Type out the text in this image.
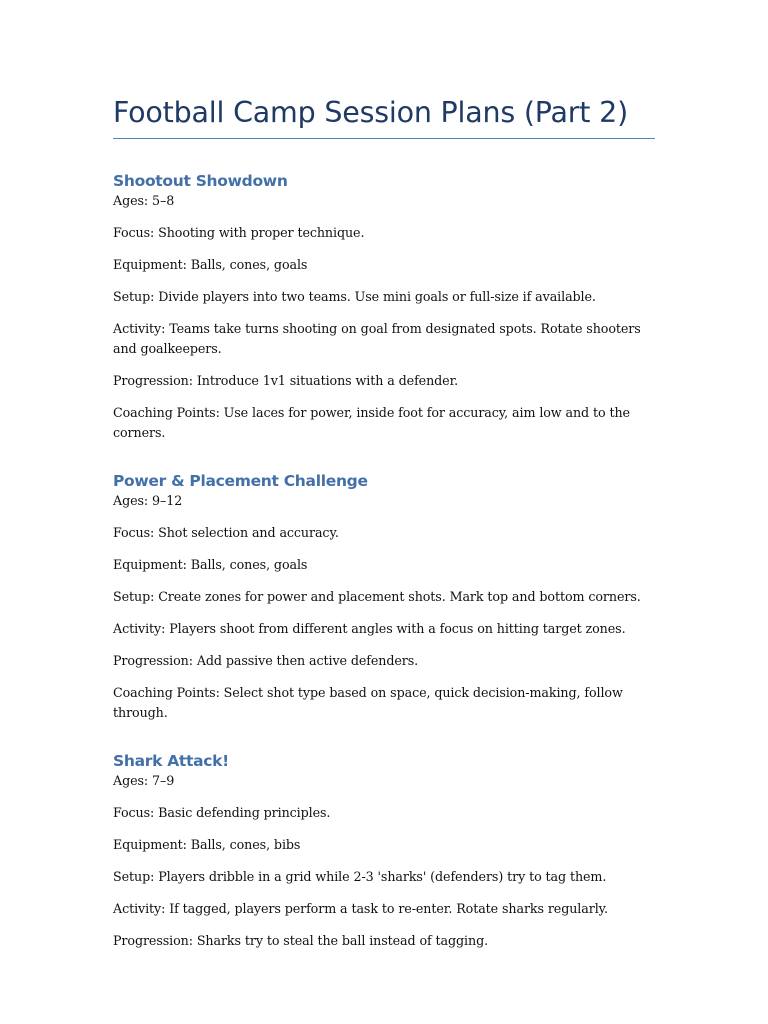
Football Camp Session Plans (Part 2)
Shootout Showdown

Ages: 5–8

Focus: Shooting with proper technique.

Equipment: Balls, cones, goals

Setup: Divide players into two teams. Use mini goals or full-size if available.

Activity: Teams take turns shooting on goal from designated spots. Rotate shooters and goalkeepers.

Progression: Introduce 1v1 situations with a defender.

Coaching Points: Use laces for power, inside foot for accuracy, aim low and to the corners.

Power & Placement Challenge

Ages: 9–12

Focus: Shot selection and accuracy.

Equipment: Balls, cones, goals

Setup: Create zones for power and placement shots. Mark top and bottom corners.

Activity: Players shoot from different angles with a focus on hitting target zones.

Progression: Add passive then active defenders.

Coaching Points: Select shot type based on space, quick decision-making, follow through.

Shark Attack!

Ages: 7–9

Focus: Basic defending principles.

Equipment: Balls, cones, bibs

Setup: Players dribble in a grid while 2-3 'sharks' (defenders) try to tag them.

Activity: If tagged, players perform a task to re-enter. Rotate sharks regularly.

Progression: Sharks try to steal the ball instead of tagging.
